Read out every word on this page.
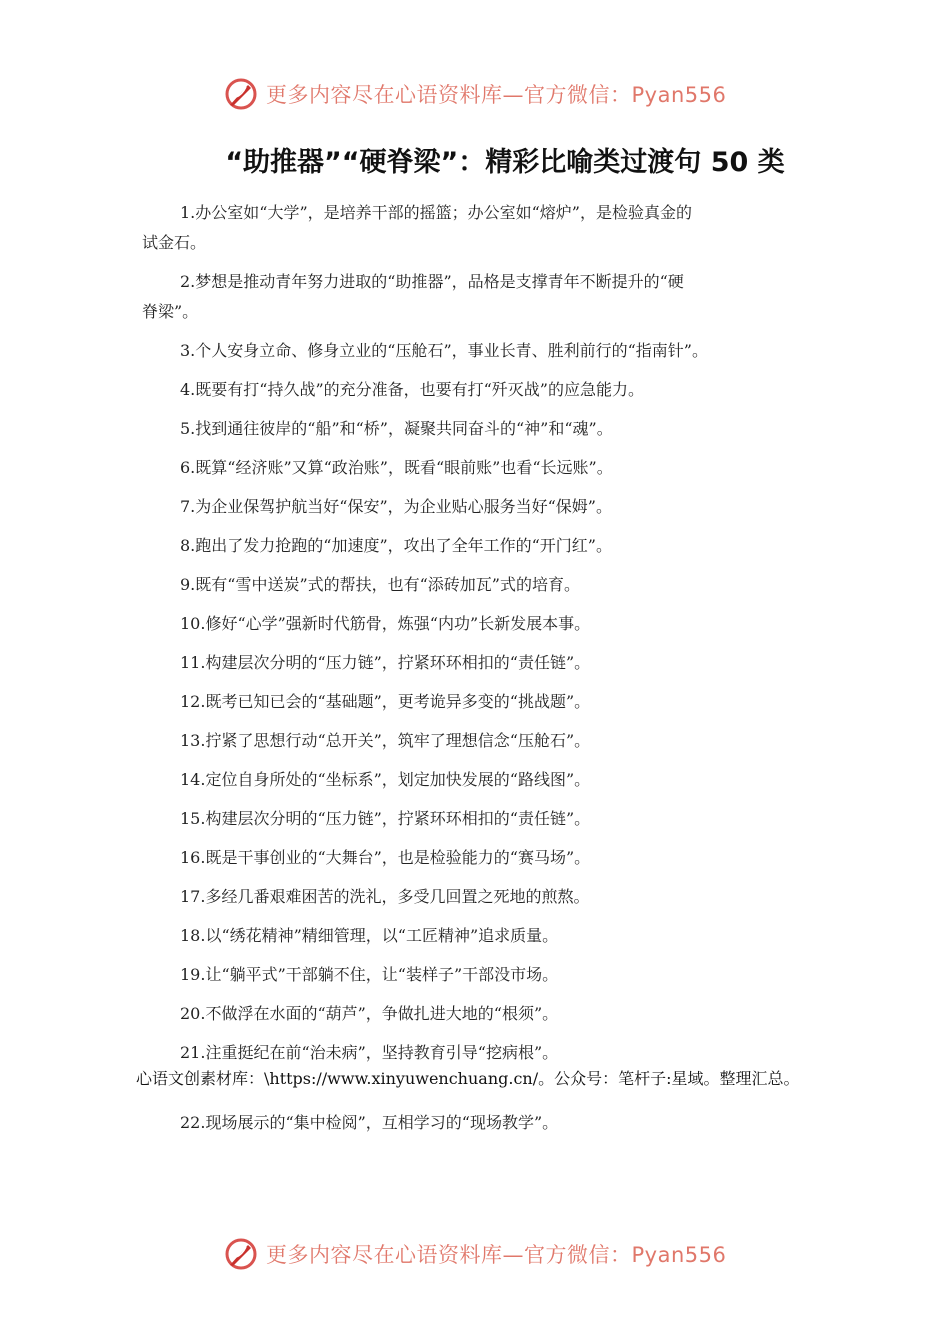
更多内容尽在心语资料库—官方微信：Pyan556
“助推器”“硬脊梁”：精彩比喻类过渡句 50 类
1.办公室如“大学”，是培养干部的摇篮；办公室如“熔炉”，是检验真金的
试金石。
2.梦想是推动青年努力进取的“助推器”，品格是支撑青年不断提升的“硬
脊梁”。
3.个人安身立命、修身立业的“压舱石”，事业长青、胜利前行的“指南针”。
4.既要有打“持久战”的充分准备，也要有打“歼灭战”的应急能力。
5.找到通往彼岸的“船”和“桥”，凝聚共同奋斗的“神”和“魂”。
6.既算“经济账”又算“政治账”，既看“眼前账”也看“长远账”。
7.为企业保驾护航当好“保安”，为企业贴心服务当好“保姆”。
8.跑出了发力抢跑的“加速度”，攻出了全年工作的“开门红”。
9.既有“雪中送炭”式的帮扶，也有“添砖加瓦”式的培育。
10.修好“心学”强新时代筋骨，炼强“内功”长新发展本事。
11.构建层次分明的“压力链”，拧紧环环相扣的“责任链”。
12.既考已知已会的“基础题”，更考诡异多变的“挑战题”。
13.拧紧了思想行动“总开关”，筑牢了理想信念“压舱石”。
14.定位自身所处的“坐标系”，划定加快发展的“路线图”。
15.构建层次分明的“压力链”，拧紧环环相扣的“责任链”。
16.既是干事创业的“大舞台”，也是检验能力的“赛马场”。
17.多经几番艰难困苦的洗礼，多受几回置之死地的煎熬。
18.以“绣花精神”精细管理，以“工匠精神”追求质量。
19.让“躺平式”干部躺不住，让“装样子”干部没市场。
20.不做浮在水面的“葫芦”，争做扎进大地的“根须”。
21.注重挺纪在前“治未病”，坚持教育引导“挖病根”。
22.现场展示的“集中检阅”，互相学习的“现场教学”。
心语文创素材库：\https://www.xinyuwenchuang.cn/。公众号：笔杆子:星域。整理汇总。
更多内容尽在心语资料库—官方微信：Pyan556
